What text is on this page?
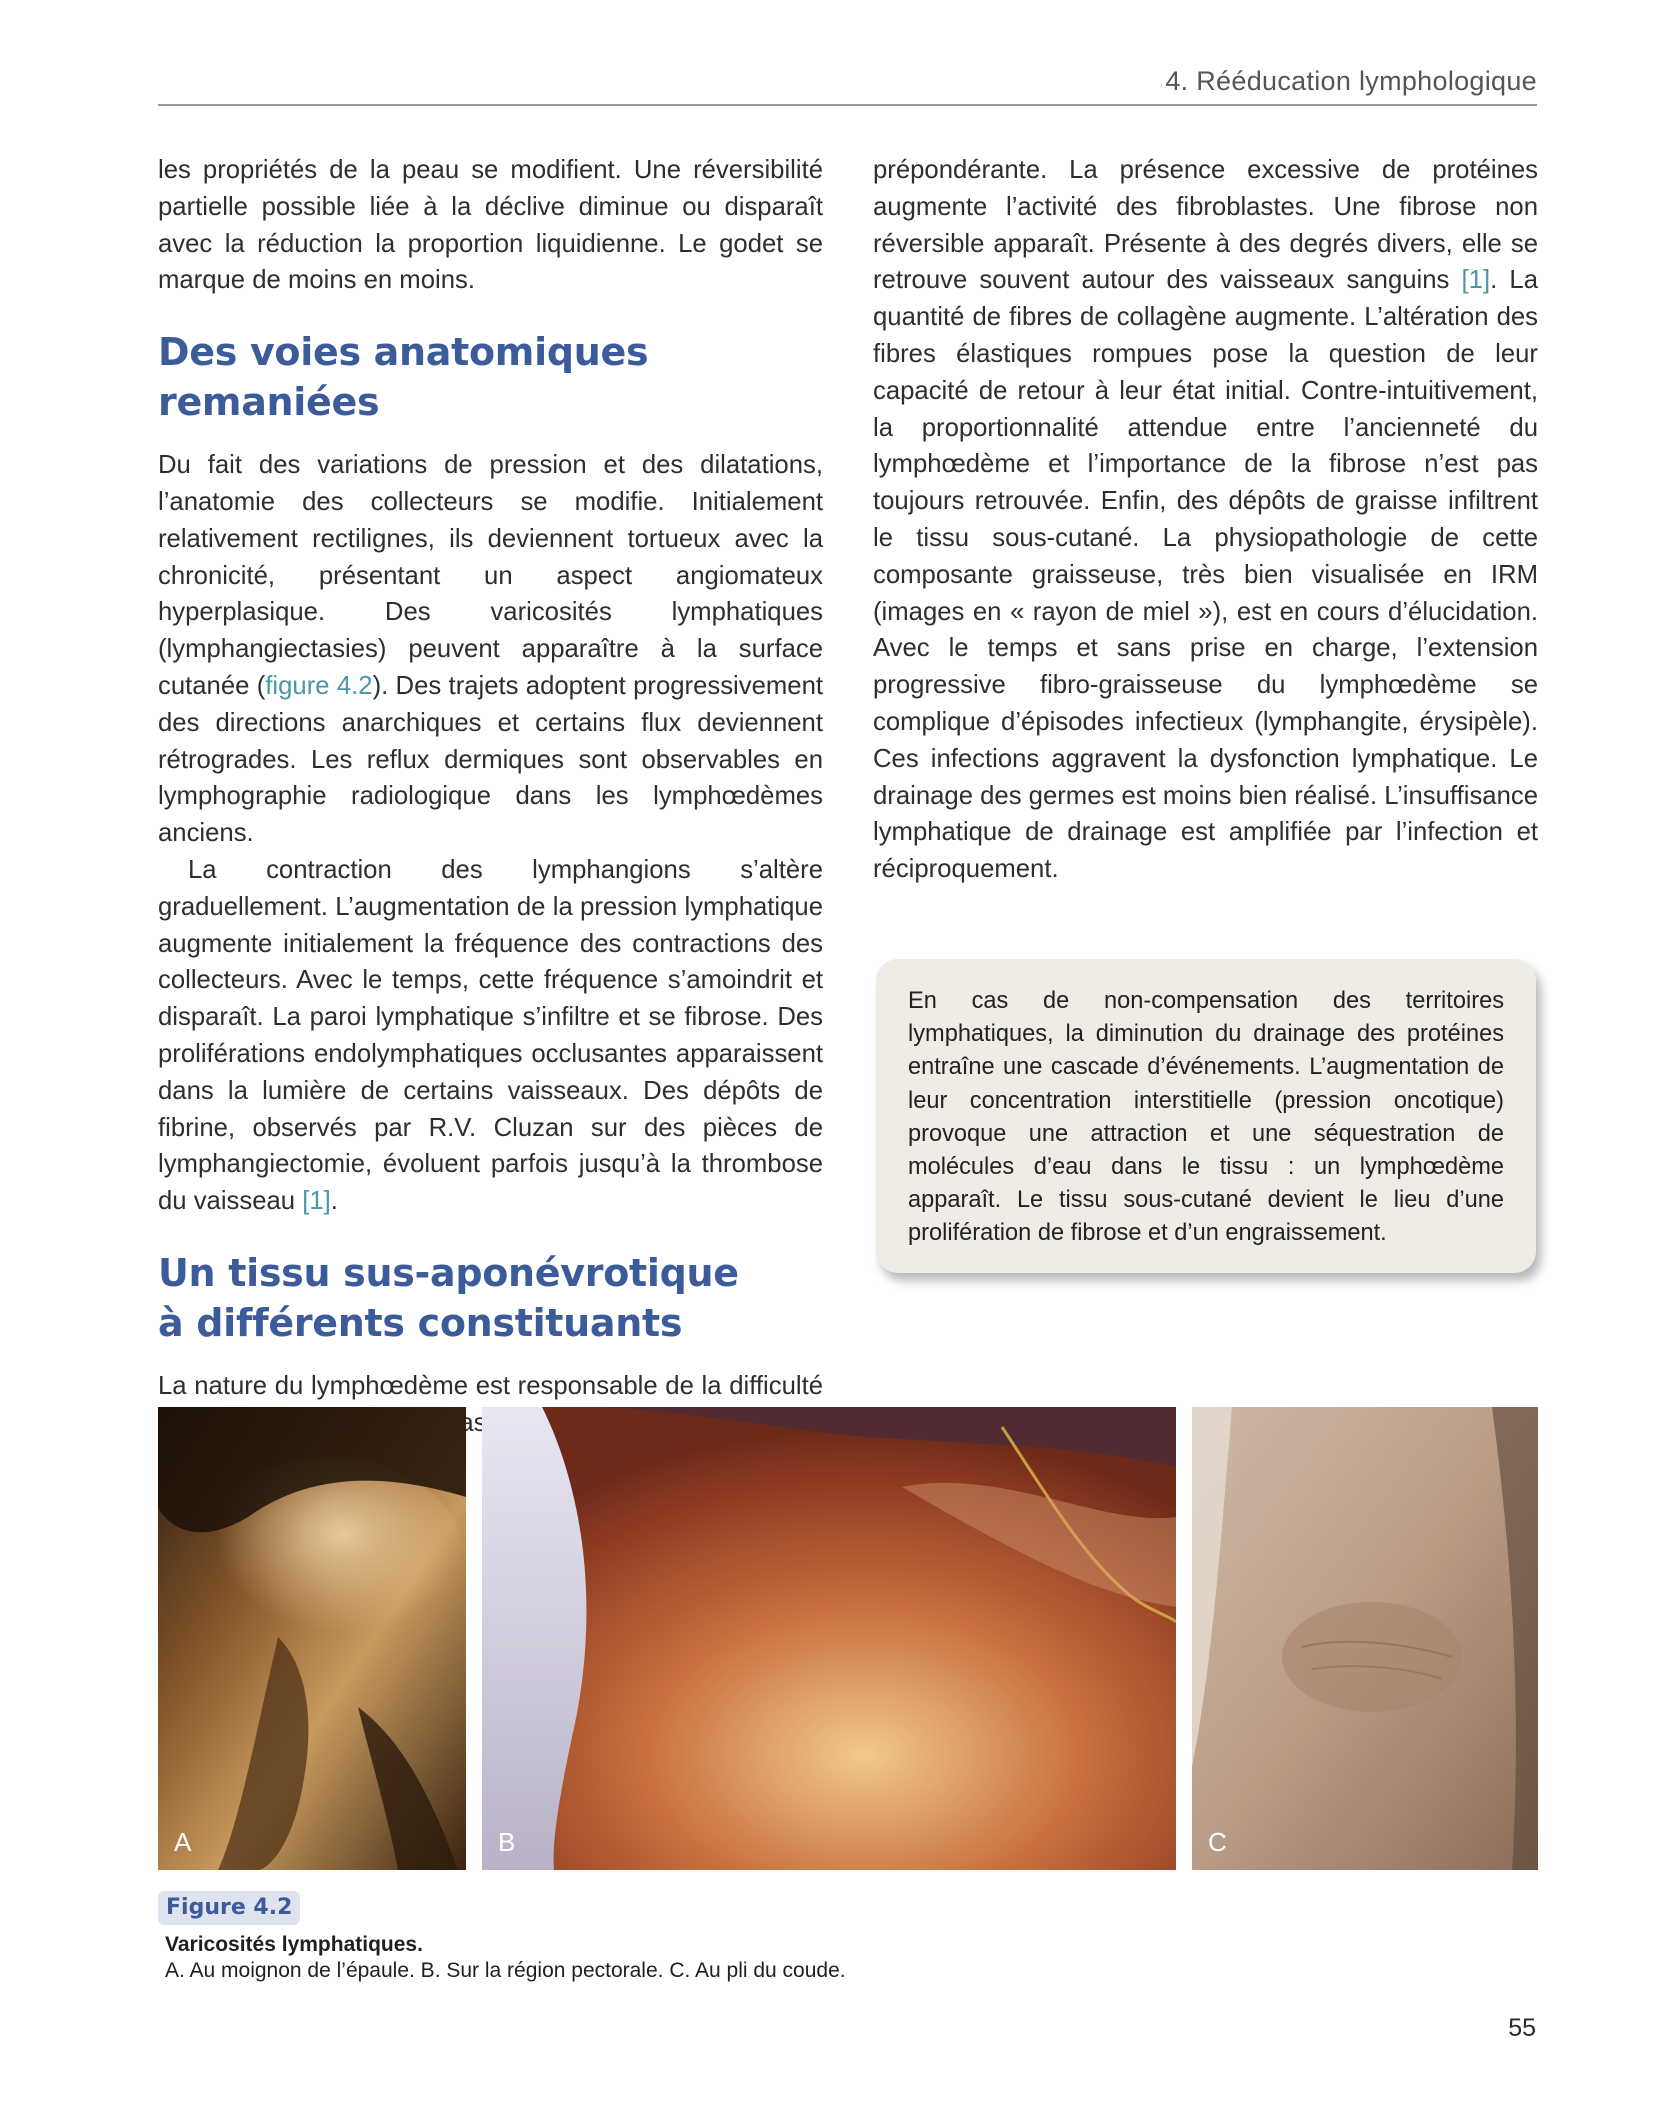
4. Rééducation lymphologique

les propriétés de la peau se modifient. Une réversibilité partielle possible liée à la déclive diminue ou disparaît avec la réduction la proportion liquidienne. Le godet se marque de moins en moins.

Des voies anatomiques remaniées

Du fait des variations de pression et des dilatations, l’anatomie des collecteurs se modifie. Initialement relativement rectilignes, ils deviennent tortueux avec la chronicité, présentant un aspect angiomateux hyperplasique. Des varicosités lymphatiques (lymphangiectasies) peuvent apparaître à la surface cutanée (figure 4.2). Des trajets adoptent progressivement des directions anarchiques et certains flux deviennent rétrogrades. Les reflux dermiques sont observables en lymphographie radiologique dans les lymphœdèmes anciens.

La contraction des lymphangions s’altère graduellement. L’augmentation de la pression lymphatique augmente initialement la fréquence des contractions des collecteurs. Avec le temps, cette fréquence s’amoindrit et disparaît. La paroi lymphatique s’infiltre et se fibrose. Des proliférations endolymphatiques occlusantes apparaissent dans la lumière de certains vaisseaux. Des dépôts de fibrine, observés par R.V. Cluzan sur des pièces de lymphangiectomie, évoluent parfois jusqu’à la thrombose du vaisseau [1].

Un tissu sus-aponévrotique
à différents constituants

La nature du lymphœdème est responsable de la difficulté

prépondérante. La présence excessive de protéines augmente l’activité des fibroblastes. Une fibrose non réversible apparaît. Présente à des degrés divers, elle se retrouve souvent autour des vaisseaux sanguins [1]. La quantité de fibres de collagène augmente. L’altération des fibres élastiques rompues pose la question de leur capacité de retour à leur état initial. Contre-intuitivement, la proportionnalité attendue entre l’ancienneté du lymphœdème et l’importance de la fibrose n’est pas toujours retrouvée. Enfin, des dépôts de graisse infiltrent le tissu sous-cutané. La physiopathologie de cette composante graisseuse, très bien visualisée en IRM (images en « rayon de miel »), est en cours d’élucidation. Avec le temps et sans prise en charge, l’extension progressive fibro-graisseuse du lymphœdème se complique d’épisodes infectieux (lymphangite, érysipèle). Ces infections aggravent la dysfonction lymphatique. Le drainage des germes est moins bien réalisé. L’insuffisance lymphatique de drainage est amplifiée par l’infection et réciproquement.

En cas de non-compensation des territoires lymphatiques, la diminution du drainage des protéines entraîne une cascade d’événements. L’augmentation de leur concentration interstitielle (pression oncotique) provoque une attraction et une séquestration de molécules d’eau dans le tissu : un lymphœdème apparaît. Le tissu sous-cutané devient le lieu d’une prolifération de fibrose et d’un engraissement.

A	B	C
Figure 4.2
Varicosités lymphatiques.
A. Au moignon de l’épaule. B. Sur la région pectorale. C. Au pli du coude.
55
